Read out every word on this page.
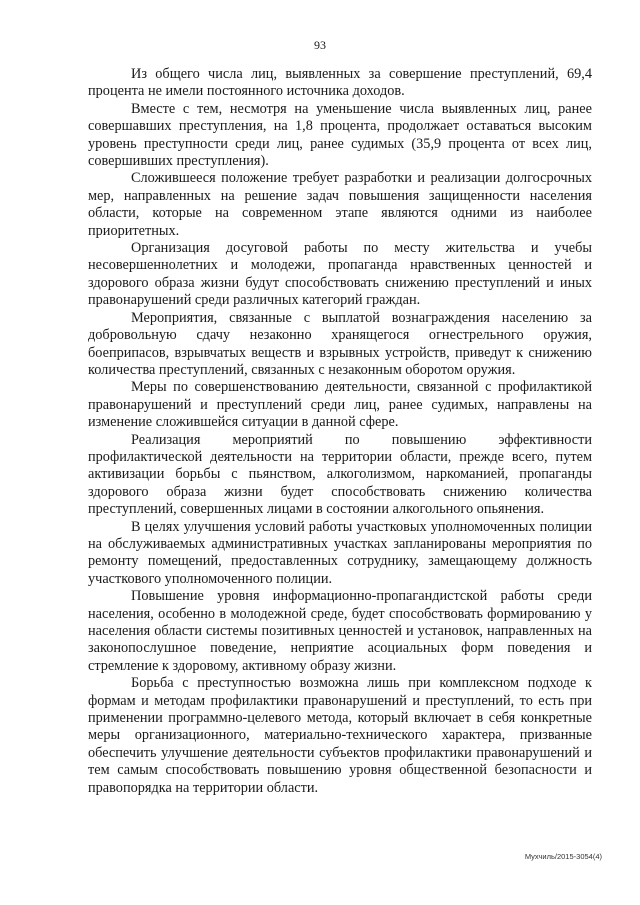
93

Из общего числа лиц, выявленных за совершение преступлений, 69,4 процента не имели постоянного источника доходов.

Вместе с тем, несмотря на уменьшение числа выявленных лиц, ранее совершавших преступления, на 1,8 процента, продолжает оставаться высоким уровень преступности среди лиц, ранее судимых (35,9 процента от всех лиц, совершивших преступления).

Сложившееся положение требует разработки и реализации долгосрочных мер, направленных на решение задач повышения защищенности населения области, которые на современном этапе являются одними из наиболее приоритетных.

Организация досуговой работы по месту жительства и учебы несовершеннолетних и молодежи, пропаганда нравственных ценностей и здорового образа жизни будут способствовать снижению преступлений и иных правонарушений среди различных категорий граждан.

Мероприятия, связанные с выплатой вознаграждения населению за добровольную сдачу незаконно хранящегося огнестрельного оружия, боеприпасов, взрывчатых веществ и взрывных устройств, приведут к снижению количества преступлений, связанных с незаконным оборотом оружия.

Меры по совершенствованию деятельности, связанной с профилактикой правонарушений и преступлений среди лиц, ранее судимых, направлены на изменение сложившейся ситуации в данной сфере.

Реализация мероприятий по повышению эффективности профилактической деятельности на территории области, прежде всего, путем активизации борьбы с пьянством, алкоголизмом, наркоманией, пропаганды здорового образа жизни будет способствовать снижению количества преступлений, совершенных лицами в состоянии алкогольного опьянения.

В целях улучшения условий работы участковых уполномоченных полиции на обслуживаемых административных участках запланированы мероприятия по ремонту помещений, предоставленных сотруднику, замещающему должность участкового уполномоченного полиции.

Повышение уровня информационно-пропагандистской работы среди населения, особенно в молодежной среде, будет способствовать формированию у населения области системы позитивных ценностей и установок, направленных на законопослушное поведение, неприятие асоциальных форм поведения и стремление к здоровому, активному образу жизни.

Борьба с преступностью возможна лишь при комплексном подходе к формам и методам профилактики правонарушений и преступлений, то есть при применении программно-целевого метода, который включает в себя конкретные меры организационного, материально-технического характера, призванные обеспечить улучшение деятельности субъектов профилактики правонарушений и тем самым способствовать повышению уровня общественной безопасности и правопорядка на территории области.

Мухчиль/2015-3054(4)
